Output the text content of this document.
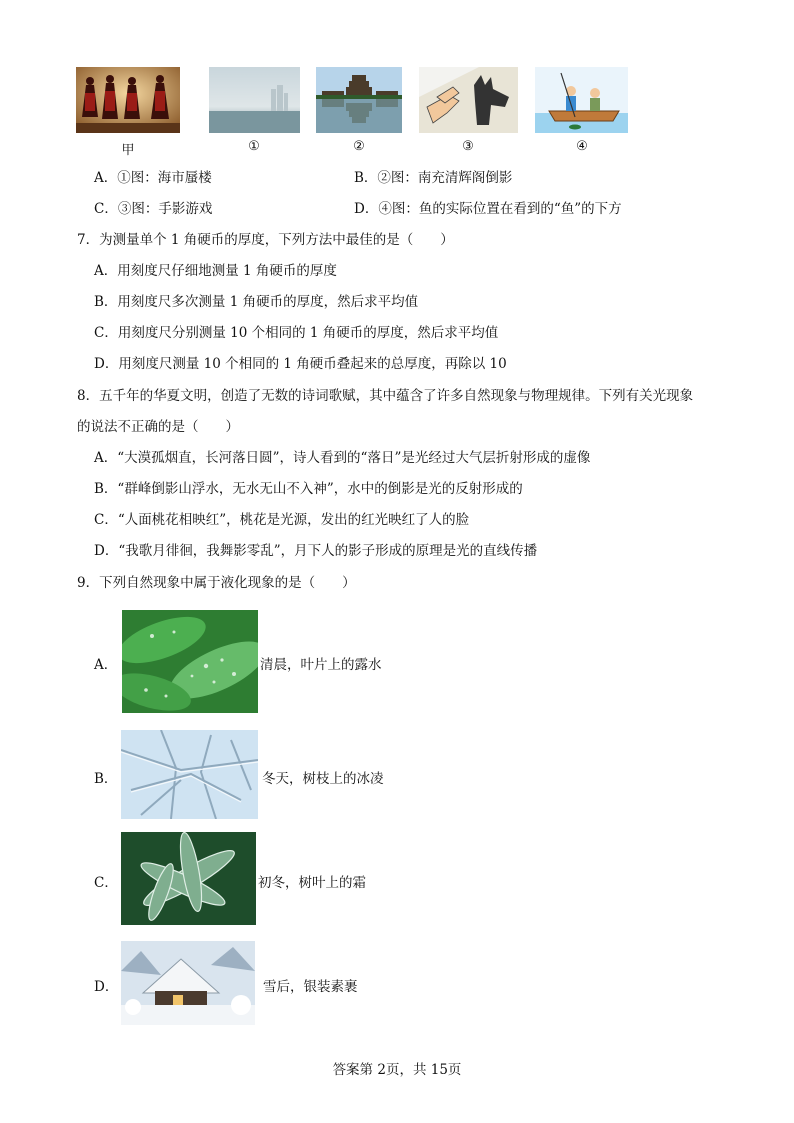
甲	①	②	③	④
A．①图：海市蜃楼	B．②图：南充清辉阁倒影
C．③图：手影游戏	D．④图：鱼的实际位置在看到的“鱼”的下方
7．为测量单个 1 角硬币的厚度，下列方法中最佳的是（　　）
A．用刻度尺仔细地测量 1 角硬币的厚度
B．用刻度尺多次测量 1 角硬币的厚度，然后求平均值
C．用刻度尺分别测量 10 个相同的 1 角硬币的厚度，然后求平均值
D．用刻度尺测量 10 个相同的 1 角硬币叠起来的总厚度，再除以 10
8．五千年的华夏文明，创造了无数的诗词歌赋，其中蕴含了许多自然现象与物理规律。下列有关光现象
的说法不正确的是（　　）
A．“大漠孤烟直，长河落日圆”，诗人看到的“落日”是光经过大气层折射形成的虚像
B．“群峰倒影山浮水，无水无山不入神”，水中的倒影是光的反射形成的
C．“人面桃花相映红”，桃花是光源，发出的红光映红了人的脸
D．“我歌月徘徊，我舞影零乱”，月下人的影子形成的原理是光的直线传播
9．下列自然现象中属于液化现象的是（　　）
A．	清晨，叶片上的露水
B．	冬天，树枝上的冰凌
C．	初冬，树叶上的霜
D．	雪后，银装素裹
答案第 2页，共 15页
